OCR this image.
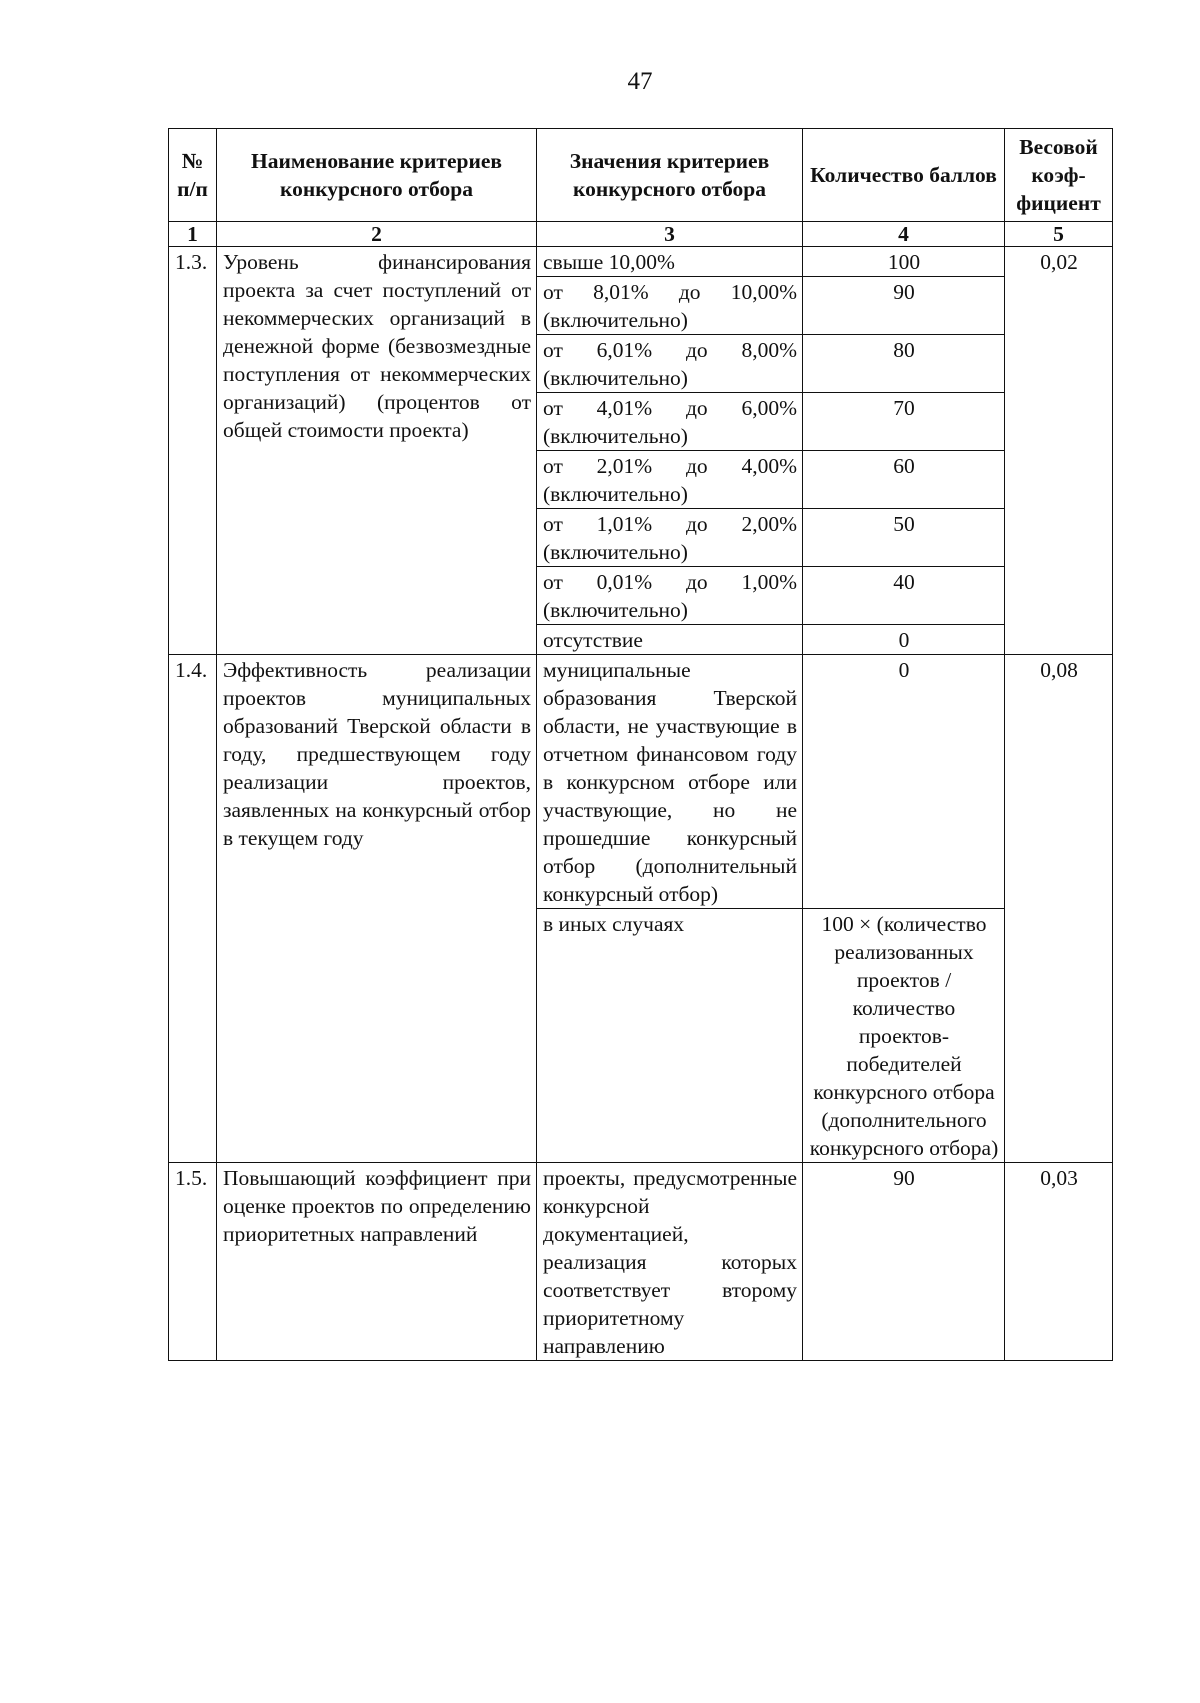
47
№ п/п	Наименование критериев конкурсного отбора	Значения критериев конкурсного отбора	Количество баллов	Весовой коэф-фициент
1	2	3	4	5
1.3.	Уровень финансирования проекта за счет поступлений от некоммерческих организаций в денежной форме (безвозмездные поступления от некоммерческих организаций) (процентов от общей стоимости проекта)	свыше 10,00%	100	0,02
		от 8,01% до 10,00% (включительно)	90	
		от 6,01% до 8,00% (включительно)	80	
		от 4,01% до 6,00% (включительно)	70	
		от 2,01% до 4,00% (включительно)	60	
		от 1,01% до 2,00% (включительно)	50	
		от 0,01% до 1,00% (включительно)	40	
		отсутствие	0	
1.4.	Эффективность реализации проектов муниципальных образований Тверской области в году, предшествующем году реализации проектов, заявленных на конкурсный отбор в текущем году	муниципальные образования Тверской области, не участвующие в отчетном финансовом году в конкурсном отборе или участвующие, но не прошедшие конкурсный отбор (дополнительный конкурсный отбор)	0	0,08
		в иных случаях	100 × (количество реализованных проектов / количество проектов-победителей конкурсного отбора (дополнительного конкурсного отбора)	
1.5.	Повышающий коэффициент при оценке проектов по определению приоритетных направлений	проекты, предусмотренные конкурсной документацией, реализация которых соответствует второму приоритетному направлению	90	0,03
